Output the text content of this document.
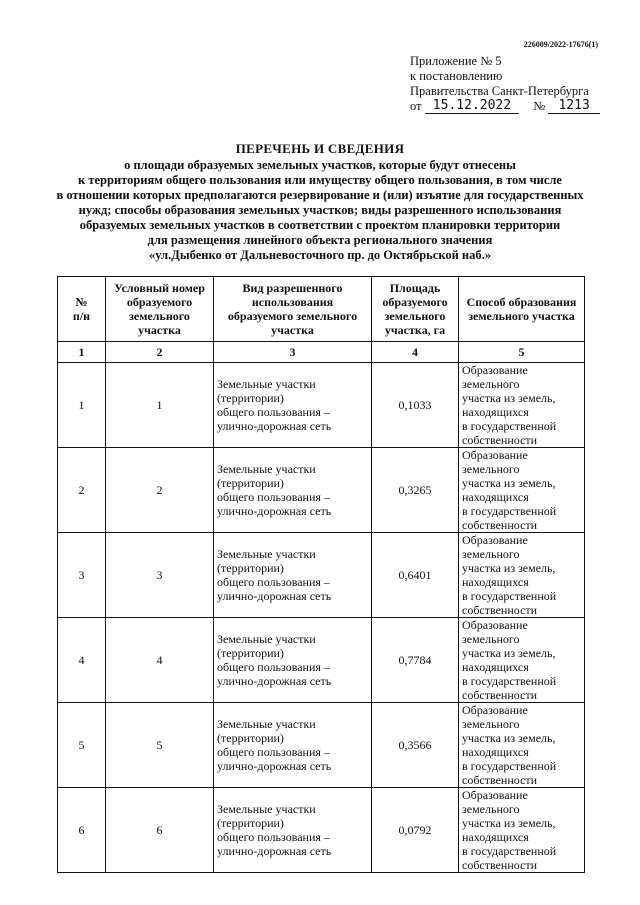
226009/2022-17676(1)
Приложение № 5
к постановлению
Правительства Санкт-Петербурга
от
15.12.2022	№
	1213
ПЕРЕЧЕНЬ И СВЕДЕНИЯ
о площади образуемых земельных участков, которые будут отнесены
к территориям общего пользования или имуществу общего пользования, в том числе
в отношении которых предполагаются резервирование и (или) изъятие для государственных
нужд; способы образования земельных участков; виды разрешенного использования
образуемых земельных участков в соответствии с проектом планировки территории
для размещения линейного объекта регионального значения
«ул.Дыбенко от Дальневосточного пр. до Октябрьской наб.»
№
п/н	Условный номер
образуемого
земельного
участка	Вид разрешенного
использования
образуемого земельного
участка	Площадь
образуемого
земельного
участка, га	Способ образования
земельного участка
1	2	3	4	5
1	1	Земельные участки
(территории)
общего пользования –
улично-дорожная сеть	0,1033	Образование земельного
участка из земель,
находящихся
в государственной
собственности
2	2	Земельные участки
(территории)
общего пользования –
улично-дорожная сеть	0,3265	Образование земельного
участка из земель,
находящихся
в государственной
собственности
3	3	Земельные участки
(территории)
общего пользования –
улично-дорожная сеть	0,6401	Образование земельного
участка из земель,
находящихся
в государственной
собственности
4	4	Земельные участки
(территории)
общего пользования –
улично-дорожная сеть	0,7784	Образование земельного
участка из земель,
находящихся
в государственной
собственности
5	5	Земельные участки
(территории)
общего пользования –
улично-дорожная сеть	0,3566	Образование земельного
участка из земель,
находящихся
в государственной
собственности
6	6	Земельные участки
(территории)
общего пользования –
улично-дорожная сеть	0,0792	Образование земельного
участка из земель,
находящихся
в государственной
собственности
